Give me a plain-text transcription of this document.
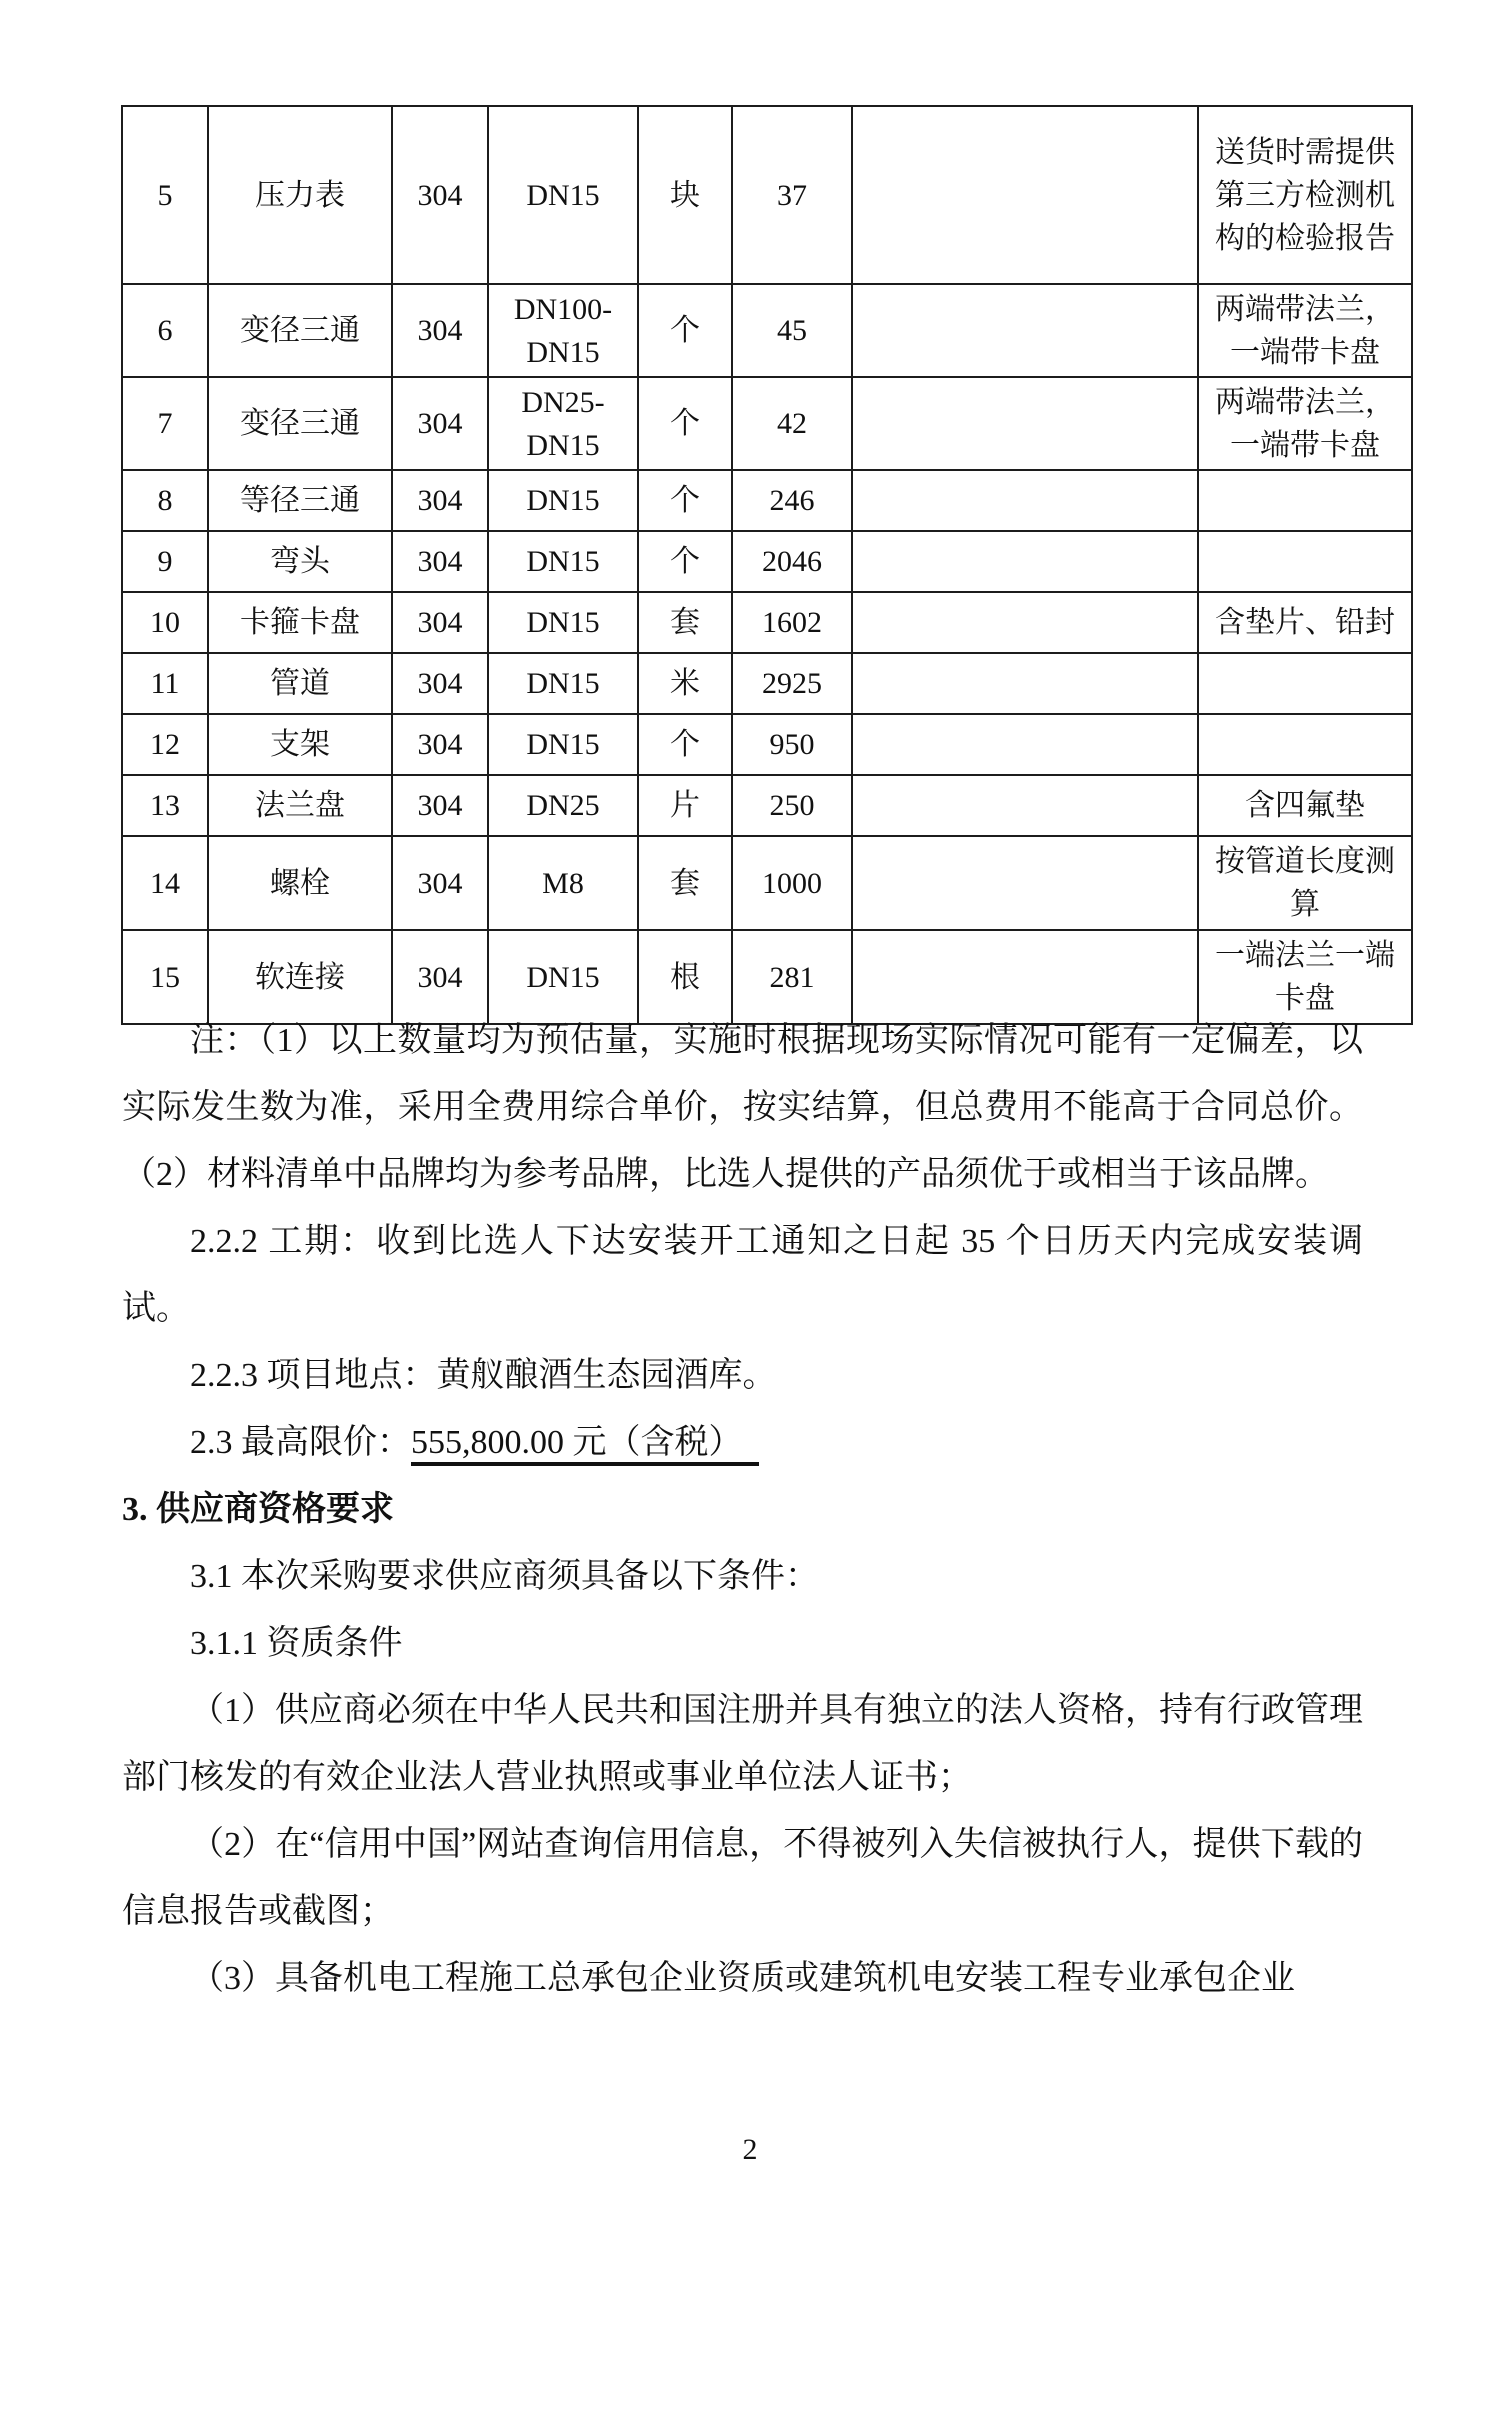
5	压力表	304	DN15	块	37		送货时需提供第三方检测机构的检验报告
6	变径三通	304	DN100-DN15	个	45		两端带法兰，一端带卡盘
7	变径三通	304	DN25-DN15	个	42		两端带法兰，一端带卡盘
8	等径三通	304	DN15	个	246		
9	弯头	304	DN15	个	2046		
10	卡箍卡盘	304	DN15	套	1602		含垫片、铅封
11	管道	304	DN15	米	2925		
12	支架	304	DN15	个	950		
13	法兰盘	304	DN25	片	250		含四氟垫
14	螺栓	304	M8	套	1000		按管道长度测算
15	软连接	304	DN15	根	281		一端法兰一端卡盘

注：（1）以上数量均为预估量，实施时根据现场实际情况可能有一定偏差，以实际发生数为准，采用全费用综合单价，按实结算，但总费用不能高于合同总价。（2）材料清单中品牌均为参考品牌，比选人提供的产品须优于或相当于该品牌。

2.2.2 工期：收到比选人下达安装开工通知之日起 35 个日历天内完成安装调试。

2.2.3 项目地点：黄舣酿酒生态园酒库。

2.3 最高限价：555,800.00 元（含税）

3. 供应商资格要求

3.1 本次采购要求供应商须具备以下条件：

3.1.1 资质条件

（1）供应商必须在中华人民共和国注册并具有独立的法人资格，持有行政管理部门核发的有效企业法人营业执照或事业单位法人证书；

（2）在“信用中国”网站查询信用信息，不得被列入失信被执行人，提供下载的信息报告或截图；

（3）具备机电工程施工总承包企业资质或建筑机电安装工程专业承包企业

2
